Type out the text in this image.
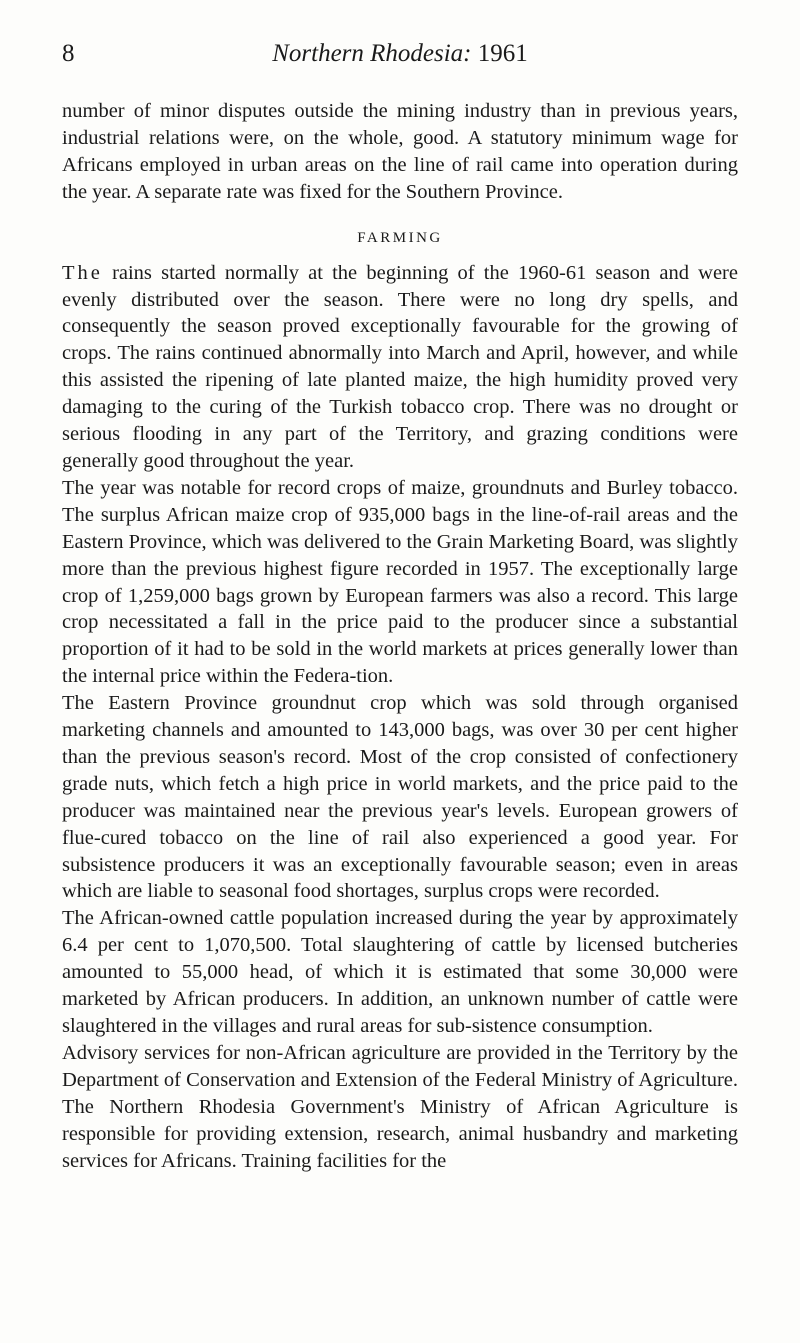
8	Northern Rhodesia: 1961

number of minor disputes outside the mining industry than in previous years, industrial relations were, on the whole, good. A statutory minimum wage for Africans employed in urban areas on the line of rail came into operation during the year. A separate rate was fixed for the Southern Province.

FARMING

The rains started normally at the beginning of the 1960-61 season and were evenly distributed over the season. There were no long dry spells, and consequently the season proved exceptionally favourable for the growing of crops. The rains continued abnormally into March and April, however, and while this assisted the ripening of late planted maize, the high humidity proved very damaging to the curing of the Turkish tobacco crop. There was no drought or serious flooding in any part of the Territory, and grazing conditions were generally good throughout the year.

The year was notable for record crops of maize, groundnuts and Burley tobacco. The surplus African maize crop of 935,000 bags in the line-of-rail areas and the Eastern Province, which was delivered to the Grain Marketing Board, was slightly more than the previous highest figure recorded in 1957. The exceptionally large crop of 1,259,000 bags grown by European farmers was also a record. This large crop necessitated a fall in the price paid to the producer since a substantial proportion of it had to be sold in the world markets at prices generally lower than the internal price within the Federa-tion.

The Eastern Province groundnut crop which was sold through organised marketing channels and amounted to 143,000 bags, was over 30 per cent higher than the previous season's record. Most of the crop consisted of confectionery grade nuts, which fetch a high price in world markets, and the price paid to the producer was maintained near the previous year's levels. European growers of flue-cured tobacco on the line of rail also experienced a good year. For subsistence producers it was an exceptionally favourable season; even in areas which are liable to seasonal food shortages, surplus crops were recorded.

The African-owned cattle population increased during the year by approximately 6.4 per cent to 1,070,500. Total slaughtering of cattle by licensed butcheries amounted to 55,000 head, of which it is estimated that some 30,000 were marketed by African producers. In addition, an unknown number of cattle were slaughtered in the villages and rural areas for sub-sistence consumption.

Advisory services for non-African agriculture are provided in the Territory by the Department of Conservation and Extension of the Federal Ministry of Agriculture. The Northern Rhodesia Government's Ministry of African Agriculture is responsible for providing extension, research, animal husbandry and marketing services for Africans. Training facilities for the
